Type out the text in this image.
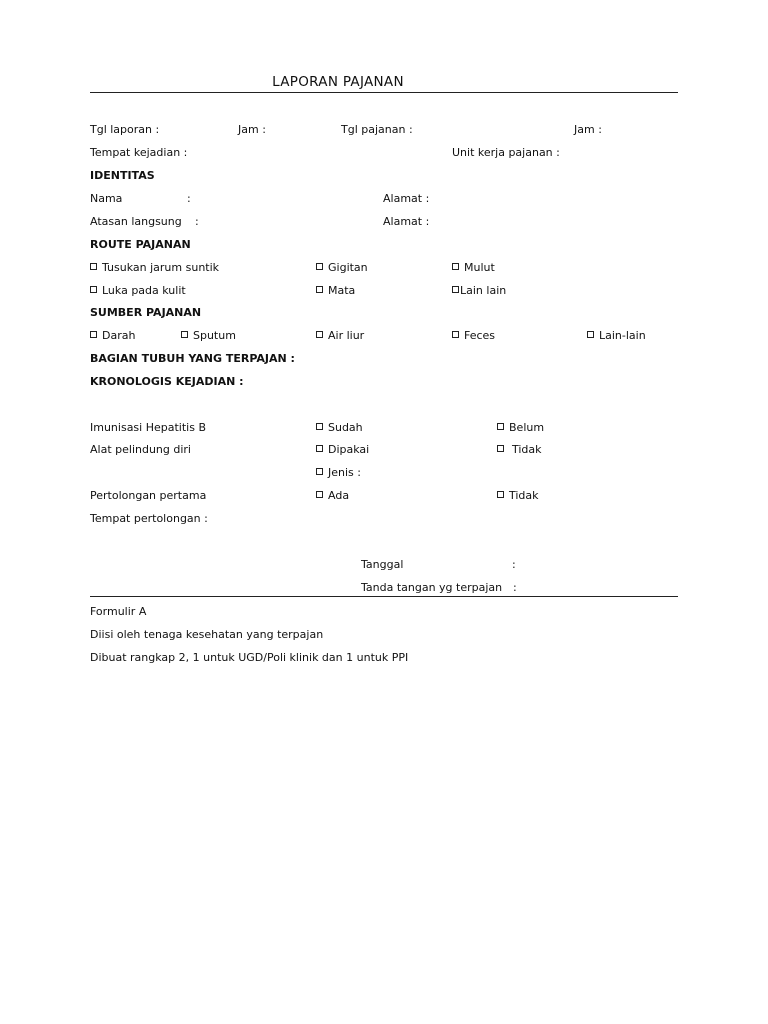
LAPORAN PAJANAN
Tgl laporan :	Jam :	Tgl pajanan :	Jam :
Tempat kejadian :	Unit kerja pajanan :
IDENTITAS
Nama	:	Alamat :
Atasan langsung :	Alamat :
ROUTE PAJANAN
Tusukan jarum suntik	Gigitan	Mulut
Luka pada kulit	Mata	Lain lain
SUMBER PAJANAN
Darah	Sputum	Air liur	Feces	Lain-lain
BAGIAN TUBUH YANG TERPAJAN :
KRONOLOGIS KEJADIAN :
Imunisasi Hepatitis B	Sudah	Belum
Alat pelindung diri	Dipakai	Tidak
Jenis :
Pertolongan pertama	Ada	Tidak
Tempat pertolongan :
Tanggal	:
Tanda tangan yg terpajan :
Formulir A
Diisi oleh tenaga kesehatan yang terpajan
Dibuat rangkap 2, 1 untuk UGD/Poli klinik dan 1 untuk PPI
